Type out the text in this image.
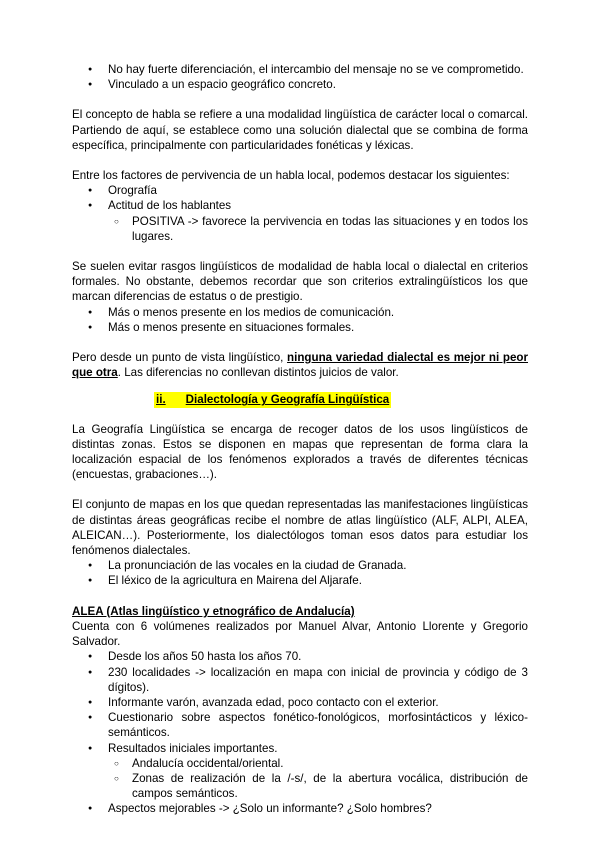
● No hay fuerte diferenciación, el intercambio del mensaje no se ve comprometido.
● Vinculado a un espacio geográfico concreto.

El concepto de habla se refiere a una modalidad lingüística de carácter local o comarcal. Partiendo de aquí, se establece como una solución dialectal que se combina de forma específica, principalmente con particularidades fonéticas y léxicas.

Entre los factores de pervivencia de un habla local, podemos destacar los siguientes:

● Orografía
● Actitud de los hablantes
○ POSITIVA -> favorece la pervivencia en todas las situaciones y en todos los lugares.

Se suelen evitar rasgos lingüísticos de modalidad de habla local o dialectal en criterios formales. No obstante, debemos recordar que son criterios extralingüísticos los que marcan diferencias de estatus o de prestigio.

● Más o menos presente en los medios de comunicación.
● Más o menos presente en situaciones formales.

Pero desde un punto de vista lingüístico, ninguna variedad dialectal es mejor ni peor que otra. Las diferencias no conllevan distintos juicios de valor.

ii. Dialectología y Geografía Lingüística

La Geografía Lingüística se encarga de recoger datos de los usos lingüísticos de distintas zonas. Estos se disponen en mapas que representan de forma clara la localización espacial de los fenómenos explorados a través de diferentes técnicas (encuestas, grabaciones…).

El conjunto de mapas en los que quedan representadas las manifestaciones lingüísticas de distintas áreas geográficas recibe el nombre de atlas lingüístico (ALF, ALPI, ALEA, ALEICAN…). Posteriormente, los dialectólogos toman esos datos para estudiar los fenómenos dialectales.

● La pronunciación de las vocales en la ciudad de Granada.
● El léxico de la agricultura en Mairena del Aljarafe.

ALEA (Atlas lingüístico y etnográfico de Andalucía)

Cuenta con 6 volúmenes realizados por Manuel Alvar, Antonio Llorente y Gregorio Salvador.

● Desde los años 50 hasta los años 70.
● 230 localidades -> localización en mapa con inicial de provincia y código de 3 dígitos).
● Informante varón, avanzada edad, poco contacto con el exterior.
● Cuestionario sobre aspectos fonético-fonológicos, morfosintácticos y léxico-semánticos.
● Resultados iniciales importantes.
○ Andalucía occidental/oriental.
○ Zonas de realización de la /-s/, de la abertura vocálica, distribución de campos semánticos.
● Aspectos mejorables -> ¿Solo un informante? ¿Solo hombres?
